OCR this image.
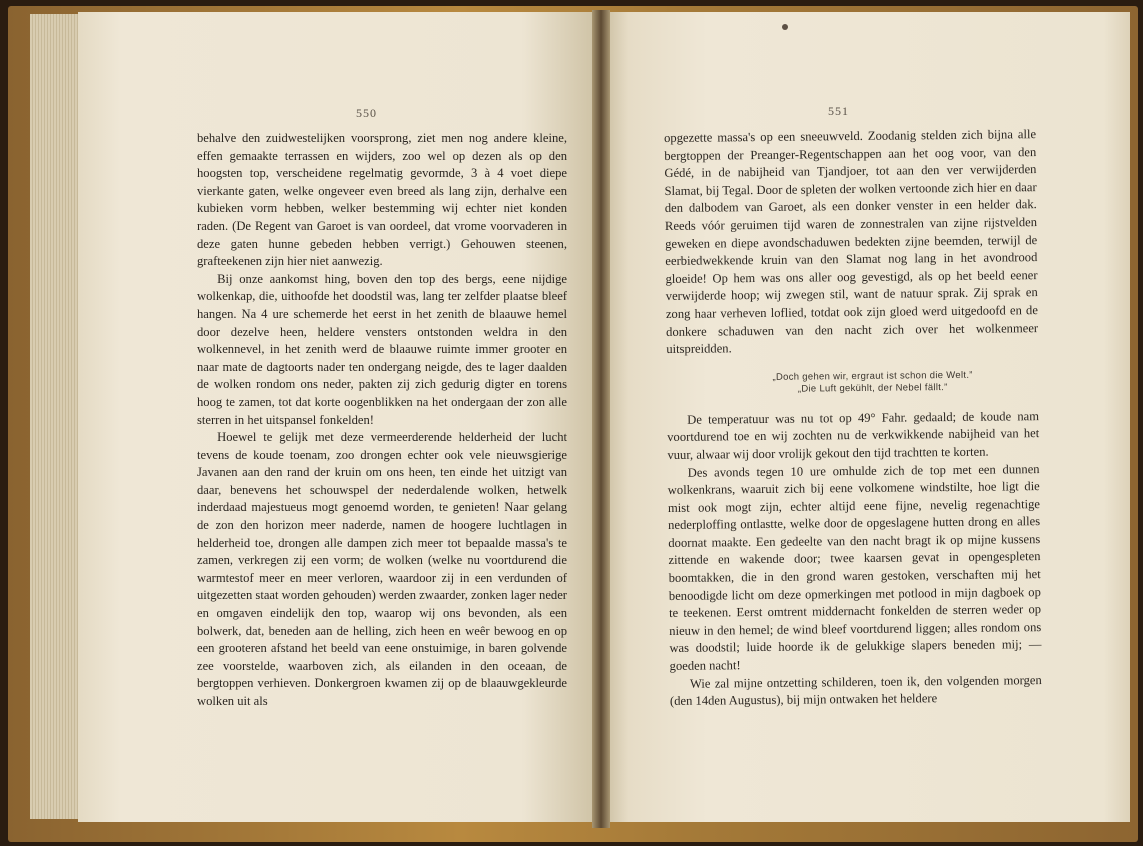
550

behalve den zuidwestelijken voorsprong, ziet men nog andere kleine, effen gemaakte terrassen en wijders, zoo wel op dezen als op den hoogsten top, verscheidene regelmatig gevormde, 3 à 4 voet diepe vierkante gaten, welke ongeveer even breed als lang zijn, derhalve een kubieken vorm hebben, welker bestemming wij echter niet konden raden. (De Regent van Garoet is van oordeel, dat vrome voorvaderen in deze gaten hunne gebeden hebben verrigt.) Gehouwen steenen, grafteekenen zijn hier niet aanwezig.

Bij onze aankomst hing, boven den top des bergs, eene nijdige wolkenkap, die, uithoofde het doodstil was, lang ter zelfder plaatse bleef hangen. Na 4 ure schemerde het eerst in het zenith de blaauwe hemel door dezelve heen, heldere vensters ontstonden weldra in den wolkennevel, in het zenith werd de blaauwe ruimte immer grooter en naar mate de dagtoorts nader ten ondergang neigde, des te lager daalden de wolken rondom ons neder, pakten zij zich gedurig digter en torens hoog te zamen, tot dat korte oogenblikken na het ondergaan der zon alle sterren in het uitspansel fonkelden!

Hoewel te gelijk met deze vermeerderende helderheid der lucht tevens de koude toenam, zoo drongen echter ook vele nieuwsgierige Javanen aan den rand der kruin om ons heen, ten einde het uitzigt van daar, benevens het schouwspel der nederdalende wolken, hetwelk inderdaad majestueus mogt genoemd worden, te genieten! Naar gelang de zon den horizon meer naderde, namen de hoogere luchtlagen in helderheid toe, drongen alle dampen zich meer tot bepaalde massa's te zamen, verkregen zij een vorm; de wolken (welke nu voortdurend die warmtestof meer en meer verloren, waardoor zij in een verdunden of uitgezetten staat worden gehouden) werden zwaarder, zonken lager neder en omgaven eindelijk den top, waarop wij ons bevonden, als een bolwerk, dat, beneden aan de helling, zich heen en weêr bewoog en op een grooteren afstand het beeld van eene onstuimige, in baren golvende zee voorstelde, waarboven zich, als eilanden in den oceaan, de bergtoppen verhieven. Donkergroen kwamen zij op de blaauwgekleurde wolken uit als

551

opgezette massa's op een sneeuwveld. Zoodanig stelden zich bijna alle bergtoppen der Preanger-Regentschappen aan het oog voor, van den Gédé, in de nabijheid van Tjandjoer, tot aan den ver verwijderden Slamat, bij Tegal. Door de spleten der wolken vertoonde zich hier en daar den dalbodem van Garoet, als een donker venster in een helder dak. Reeds vóór geruimen tijd waren de zonnestralen van zijne rijstvelden geweken en diepe avondschaduwen bedekten zijne beemden, terwijl de eerbiedwekkende kruin van den Slamat nog lang in het avondrood gloeide! Op hem was ons aller oog gevestigd, als op het beeld eener verwijderde hoop; wij zwegen stil, want de natuur sprak. Zij sprak en zong haar verheven loflied, totdat ook zijn gloed werd uitgedoofd en de donkere schaduwen van den nacht zich over het wolkenmeer uitspreidden.

„Doch gehen wir, ergraut ist schon die Welt.”
„Die Luft gekühlt, der Nebel fällt.”

De temperatuur was nu tot op 49° Fahr. gedaald; de koude nam voortdurend toe en wij zochten nu de verkwikkende nabijheid van het vuur, alwaar wij door vrolijk gekout den tijd trachtten te korten.

Des avonds tegen 10 ure omhulde zich de top met een dunnen wolkenkrans, waaruit zich bij eene volkomene windstilte, hoe ligt die mist ook mogt zijn, echter altijd eene fijne, nevelig regenachtige nederploffing ontlastte, welke door de opgeslagene hutten drong en alles doornat maakte. Een gedeelte van den nacht bragt ik op mijne kussens zittende en wakende door; twee kaarsen gevat in opengespleten boomtakken, die in den grond waren gestoken, verschaften mij het benoodigde licht om deze opmerkingen met potlood in mijn dagboek op te teekenen. Eerst omtrent middernacht fonkelden de sterren weder op nieuw in den hemel; de wind bleef voortdurend liggen; alles rondom ons was doodstil; luide hoorde ik de gelukkige slapers beneden mij; — goeden nacht!

Wie zal mijne ontzetting schilderen, toen ik, den volgenden morgen (den 14den Augustus), bij mijn ontwaken het heldere
